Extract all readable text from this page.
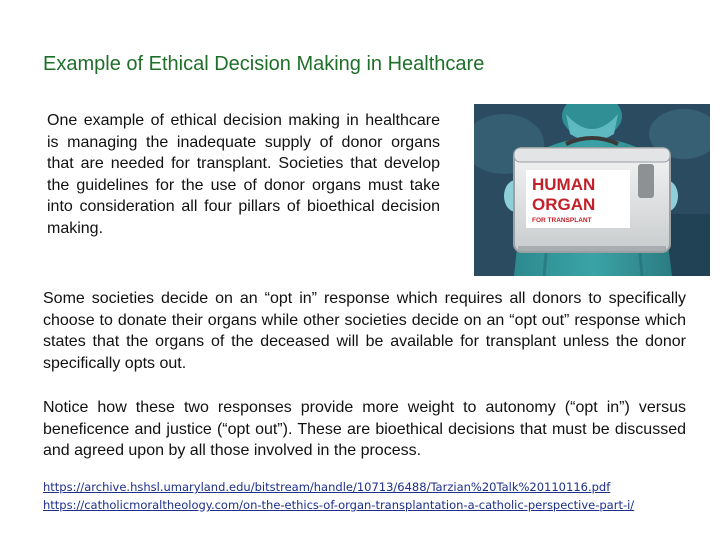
Example of Ethical Decision Making in Healthcare

One example of ethical decision making in healthcare is managing the inadequate supply of donor organs that are needed for transplant. Societies that develop the guidelines for the use of donor organs must take into consideration all four pillars of bioethical decision making.

HUMAN
ORGAN
FOR TRANSPLANT

Some societies decide on an “opt in” response which requires all donors to specifically choose to donate their organs while other societies decide on an “opt out” response which states that the organs of the deceased will be available for transplant unless the donor specifically opts out.

Notice how these two responses provide more weight to autonomy (“opt in”) versus beneficence and justice (“opt out”). These are bioethical decisions that must be discussed and agreed upon by all those involved in the process.

https://archive.hshsl.umaryland.edu/bitstream/handle/10713/6488/Tarzian%20Talk%20110116.pdf
https://catholicmoraltheology.com/on-the-ethics-of-organ-transplantation-a-catholic-perspective-part-i/
